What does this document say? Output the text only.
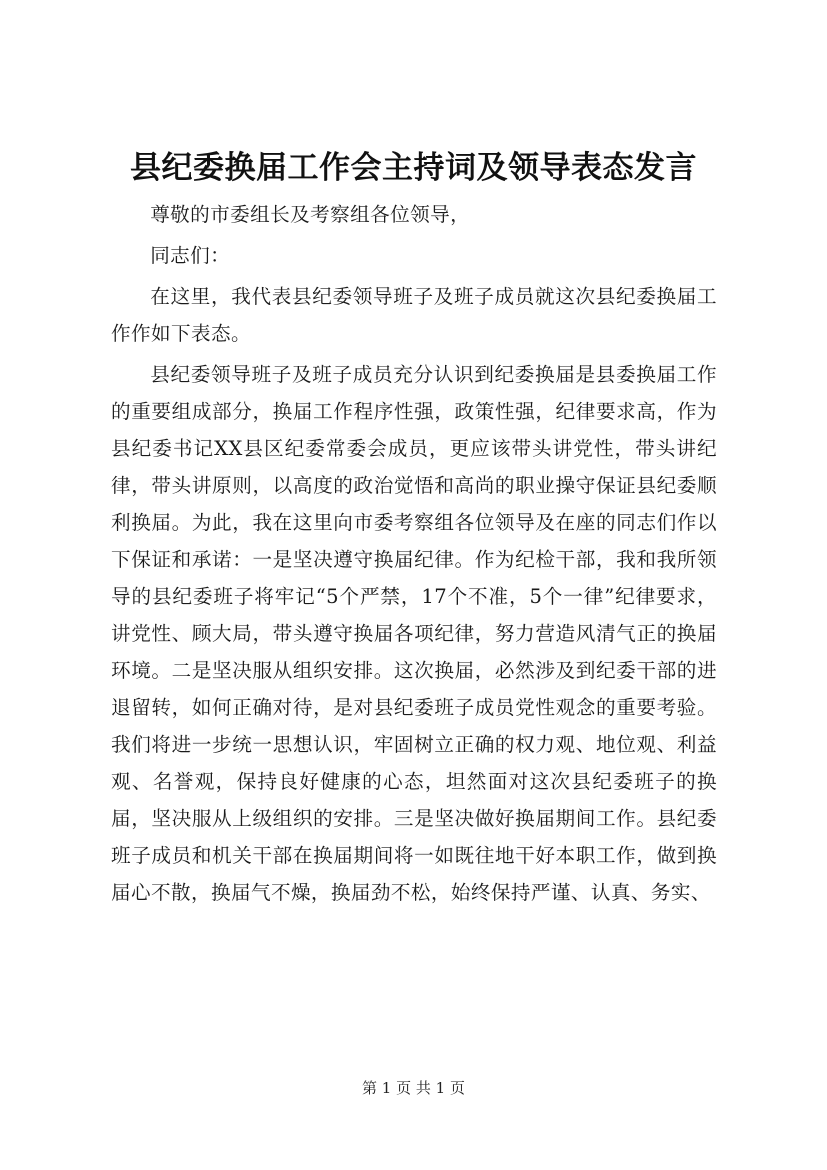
县纪委换届工作会主持词及领导表态发言

尊敬的市委组长及考察组各位领导，

同志们：

在这里，我代表县纪委领导班子及班子成员就这次县纪委换届工作作如下表态。

县纪委领导班子及班子成员充分认识到纪委换届是县委换届工作的重要组成部分，换届工作程序性强，政策性强，纪律要求高，作为县纪委书记XX县区纪委常委会成员，更应该带头讲党性，带头讲纪律，带头讲原则，以高度的政治觉悟和高尚的职业操守保证县纪委顺利换届。为此，我在这里向市委考察组各位领导及在座的同志们作以下保证和承诺：一是坚决遵守换届纪律。作为纪检干部，我和我所领导的县纪委班子将牢记“5个严禁，17个不准，5个一律”纪律要求，讲党性、顾大局，带头遵守换届各项纪律，努力营造风清气正的换届环境。二是坚决服从组织安排。这次换届，必然涉及到纪委干部的进退留转，如何正确对待，是对县纪委班子成员党性观念的重要考验。我们将进一步统一思想认识，牢固树立正确的权力观、地位观、利益观、名誉观，保持良好健康的心态，坦然面对这次县纪委班子的换届，坚决服从上级组织的安排。三是坚决做好换届期间工作。县纪委班子成员和机关干部在换届期间将一如既往地干好本职工作，做到换届心不散，换届气不燥，换届劲不松，始终保持严谨、认真、务实、

第 1 页 共 1 页
